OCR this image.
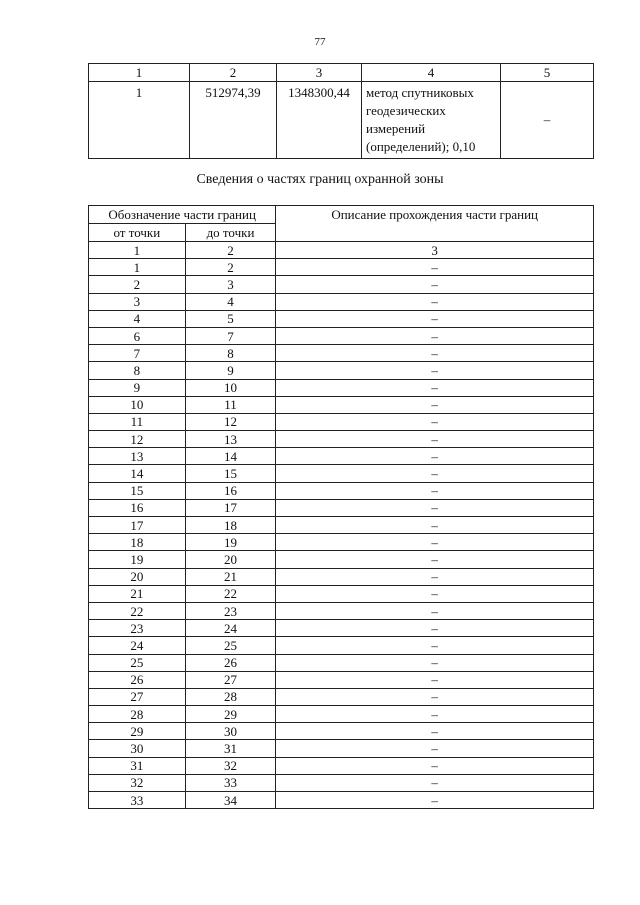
77
1	2	3	4	5
1	512974,39	1348300,44	метод спутниковых геодезических измерений (определений); 0,10	–
Сведения о частях границ охранной зоны
Обозначение части границ		Описание прохождения части границ
от точки	до точки	
1	2	3
1	2	–
2	3	–
3	4	–
4	5	–
6	7	–
7	8	–
8	9	–
9	10	–
10	11	–
11	12	–
12	13	–
13	14	–
14	15	–
15	16	–
16	17	–
17	18	–
18	19	–
19	20	–
20	21	–
21	22	–
22	23	–
23	24	–
24	25	–
25	26	–
26	27	–
27	28	–
28	29	–
29	30	–
30	31	–
31	32	–
32	33	–
33	34	–
